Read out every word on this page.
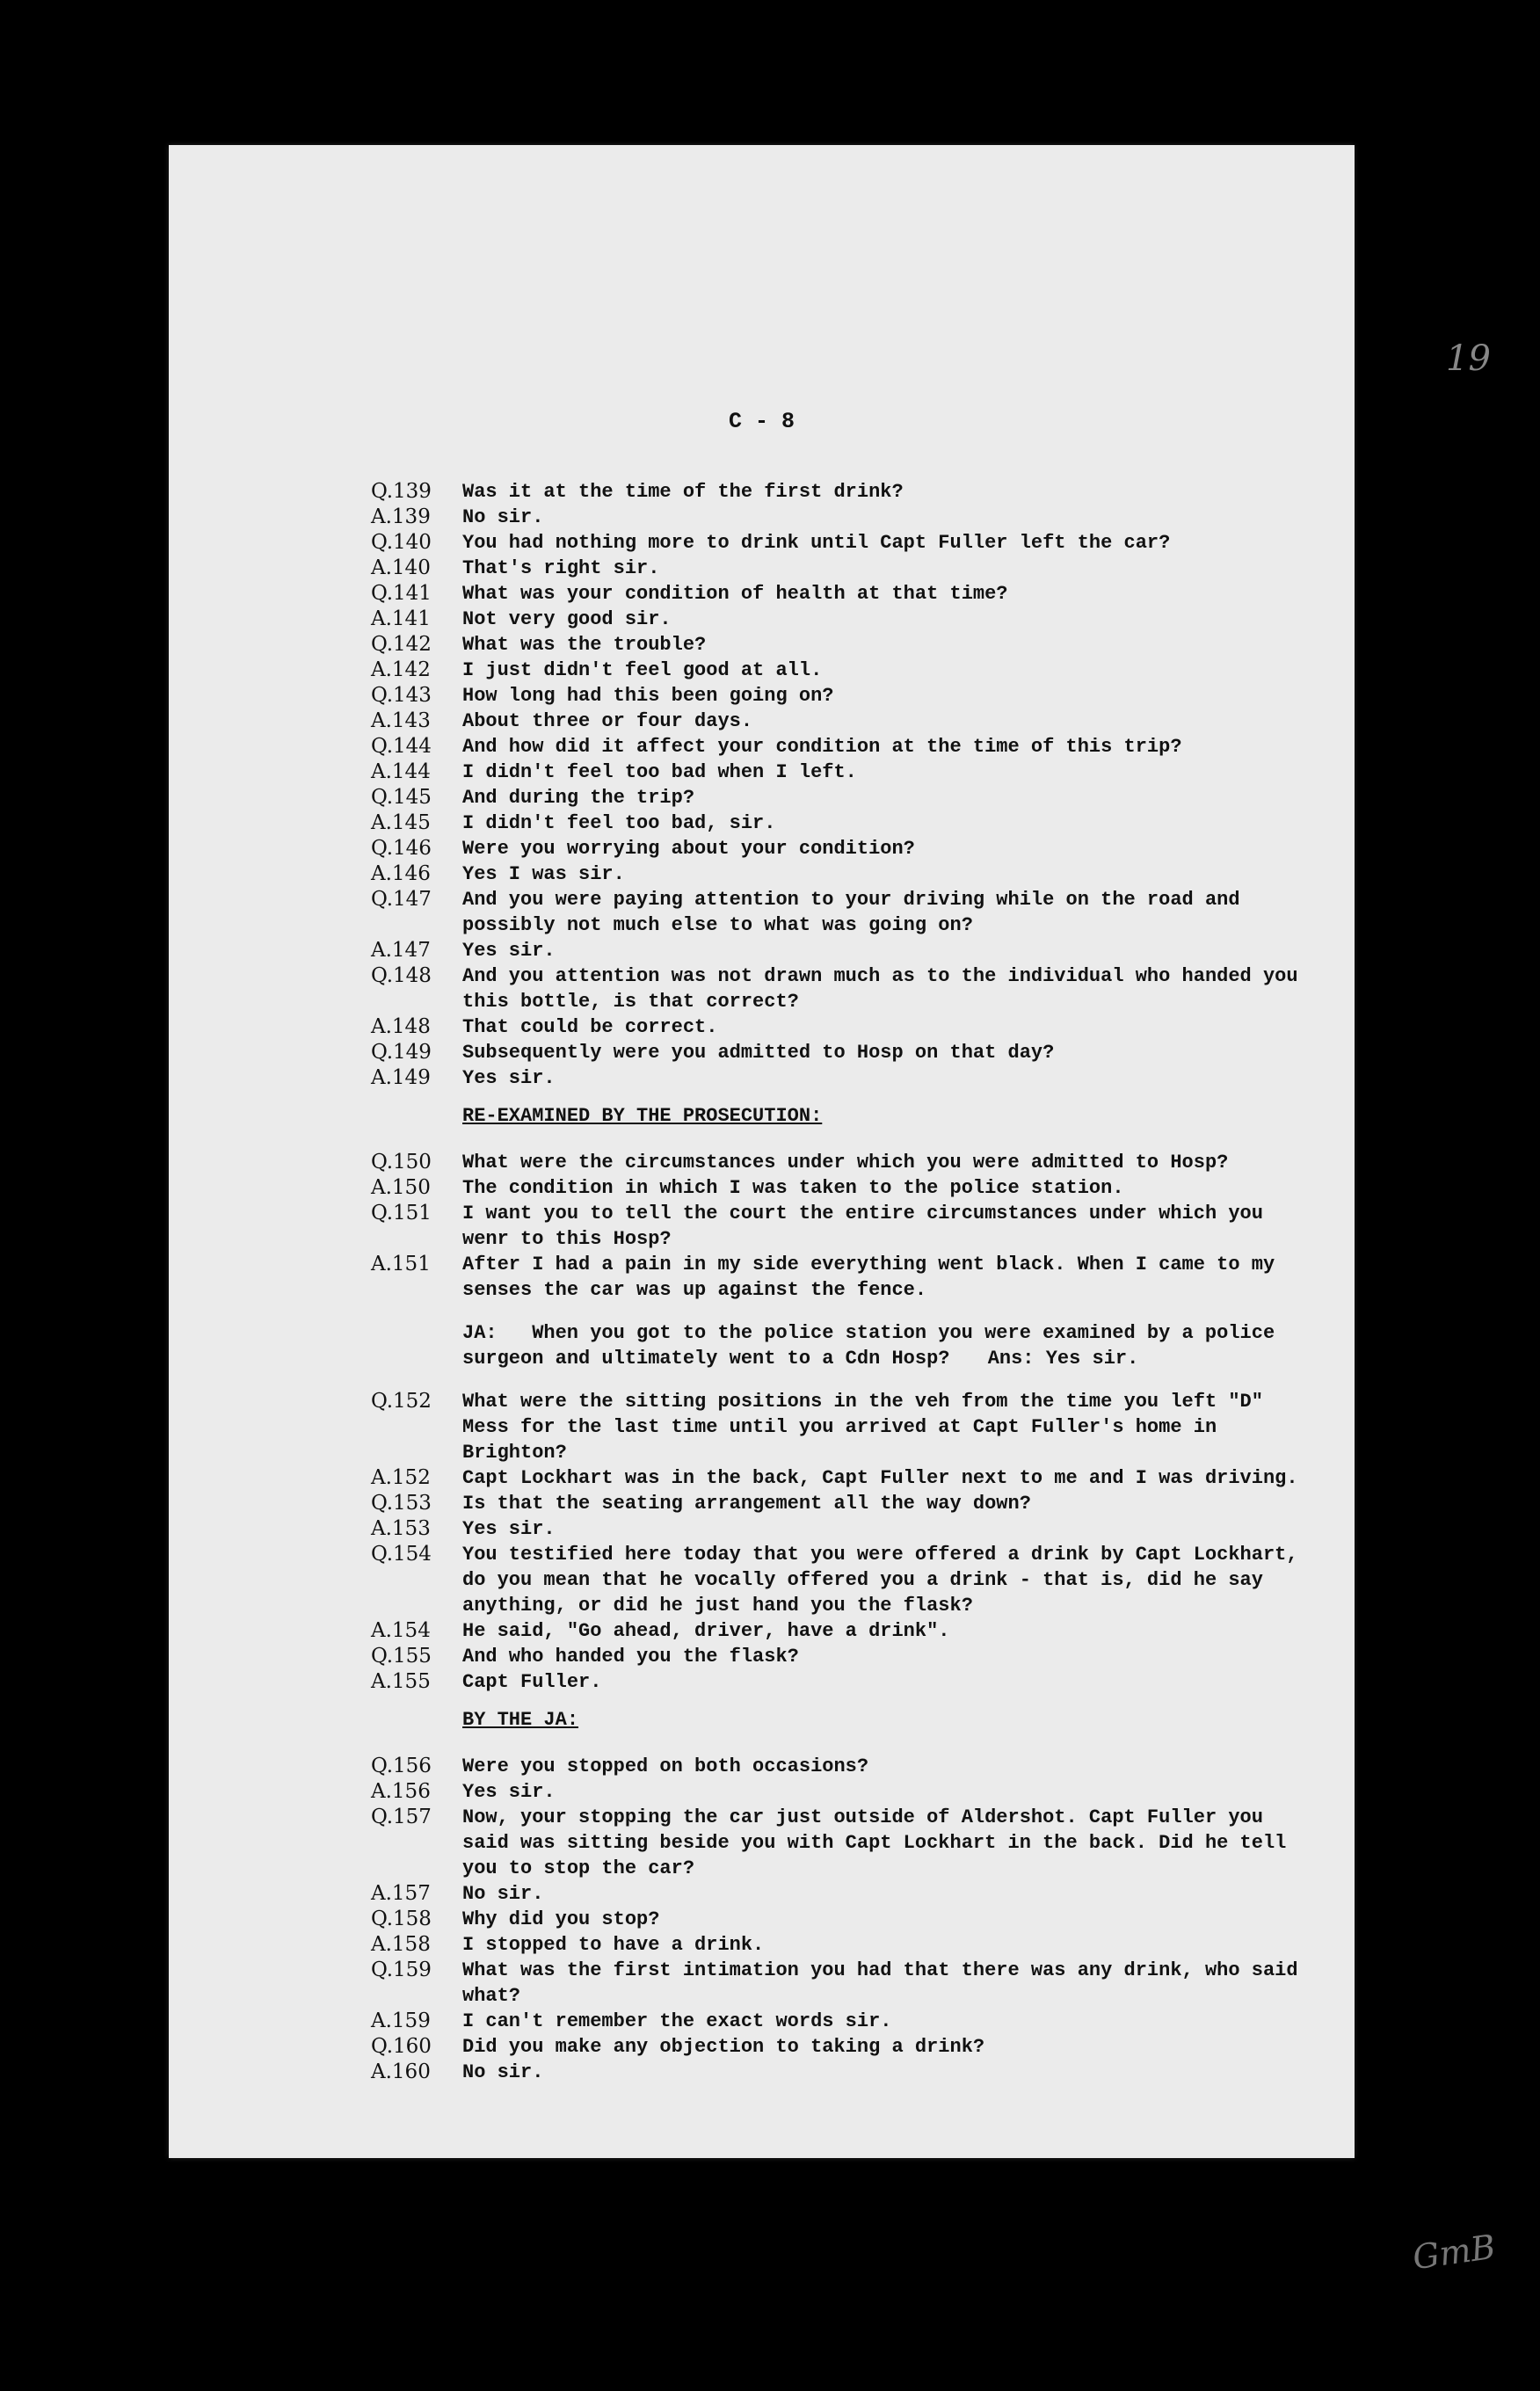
19
C - 8
Q.139	Was it at the time of the first drink?
A.139	No sir.
Q.140	You had nothing more to drink until Capt Fuller left the car?
A.140	That's right sir.
Q.141	What was your condition of health at that time?
A.141	Not very good sir.
Q.142	What was the trouble?
A.142	I just didn't feel good at all.
Q.143	How long had this been going on?
A.143	About three or four days.
Q.144	And how did it affect your condition at the time of this trip?
A.144	I didn't feel too bad when I left.
Q.145	And during the trip?
A.145	I didn't feel too bad, sir.
Q.146	Were you worrying about your condition?
A.146	Yes I was sir.
Q.147	And you were paying attention to your driving while on the road and possibly not much else to what was going on?
A.147	Yes sir.
Q.148	And you attention was not drawn much as to the individual who handed you this bottle, is that correct?
A.148	That could be correct.
Q.149	Subsequently were you admitted to Hosp on that day?
A.149	Yes sir.
RE-EXAMINED BY THE PROSECUTION:
Q.150	What were the circumstances under which you were admitted to Hosp?
A.150	The condition in which I was taken to the police station.
Q.151	I want you to tell the court the entire circumstances under which you wenr to this Hosp?
A.151	After I had a pain in my side everything went black. When I came to my senses the car was up against the fence.
JA: When you got to the police station you were examined by a police surgeon and ultimately went to a Cdn Hosp? Ans: Yes sir.
Q.152	What were the sitting positions in the veh from the time you left "D" Mess for the last time until you arrived at Capt Fuller's home in Brighton?
A.152	Capt Lockhart was in the back, Capt Fuller next to me and I was driving.
Q.153	Is that the seating arrangement all the way down?
A.153	Yes sir.
Q.154	You testified here today that you were offered a drink by Capt Lockhart, do you mean that he vocally offered you a drink - that is, did he say anything, or did he just hand you the flask?
A.154	He said, "Go ahead, driver, have a drink".
Q.155	And who handed you the flask?
A.155	Capt Fuller.
BY THE JA:
Q.156	Were you stopped on both occasions?
A.156	Yes sir.
Q.157	Now, your stopping the car just outside of Aldershot. Capt Fuller you said was sitting beside you with Capt Lockhart in the back. Did he tell you to stop the car?
A.157	No sir.
Q.158	Why did you stop?
A.158	I stopped to have a drink.
Q.159	What was the first intimation you had that there was any drink, who said what?
A.159	I can't remember the exact words sir.
Q.160	Did you make any objection to taking a drink?
A.160	No sir.
GmB
